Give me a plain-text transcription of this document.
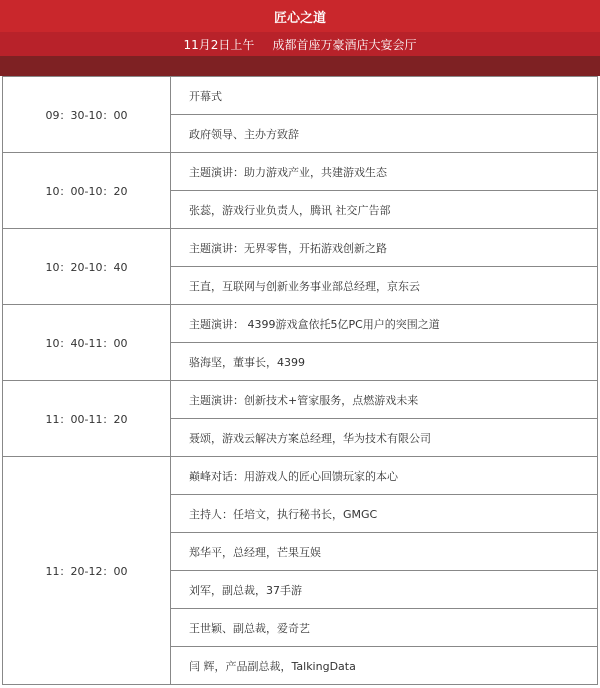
匠心之道
11月2日上午 成都首座万豪酒店大宴会厅
09：30-10：00	开幕式
	政府领导、主办方致辞
10：00-10：20	主题演讲：助力游戏产业，共建游戏生态
	张蕊，游戏行业负责人，腾讯 社交广告部
10：20-10：40	主题演讲：无界零售，开拓游戏创新之路
	王直，互联网与创新业务事业部总经理，京东云
10：40-11：00	主题演讲： 4399游戏盒依托5亿PC用户的突围之道
	骆海坚，董事长，4399
11：00-11：20	主题演讲：创新技术+管家服务，点燃游戏未来
	聂颂，游戏云解决方案总经理，华为技术有限公司
11：20-12：00	巅峰对话：用游戏人的匠心回馈玩家的本心
	主持人：任培文，执行秘书长，GMGC
	郑华平，总经理，芒果互娱
	刘军，副总裁，37手游
	王世颖、副总裁，爱奇艺
	闫 辉，产品副总裁，TalkingData
